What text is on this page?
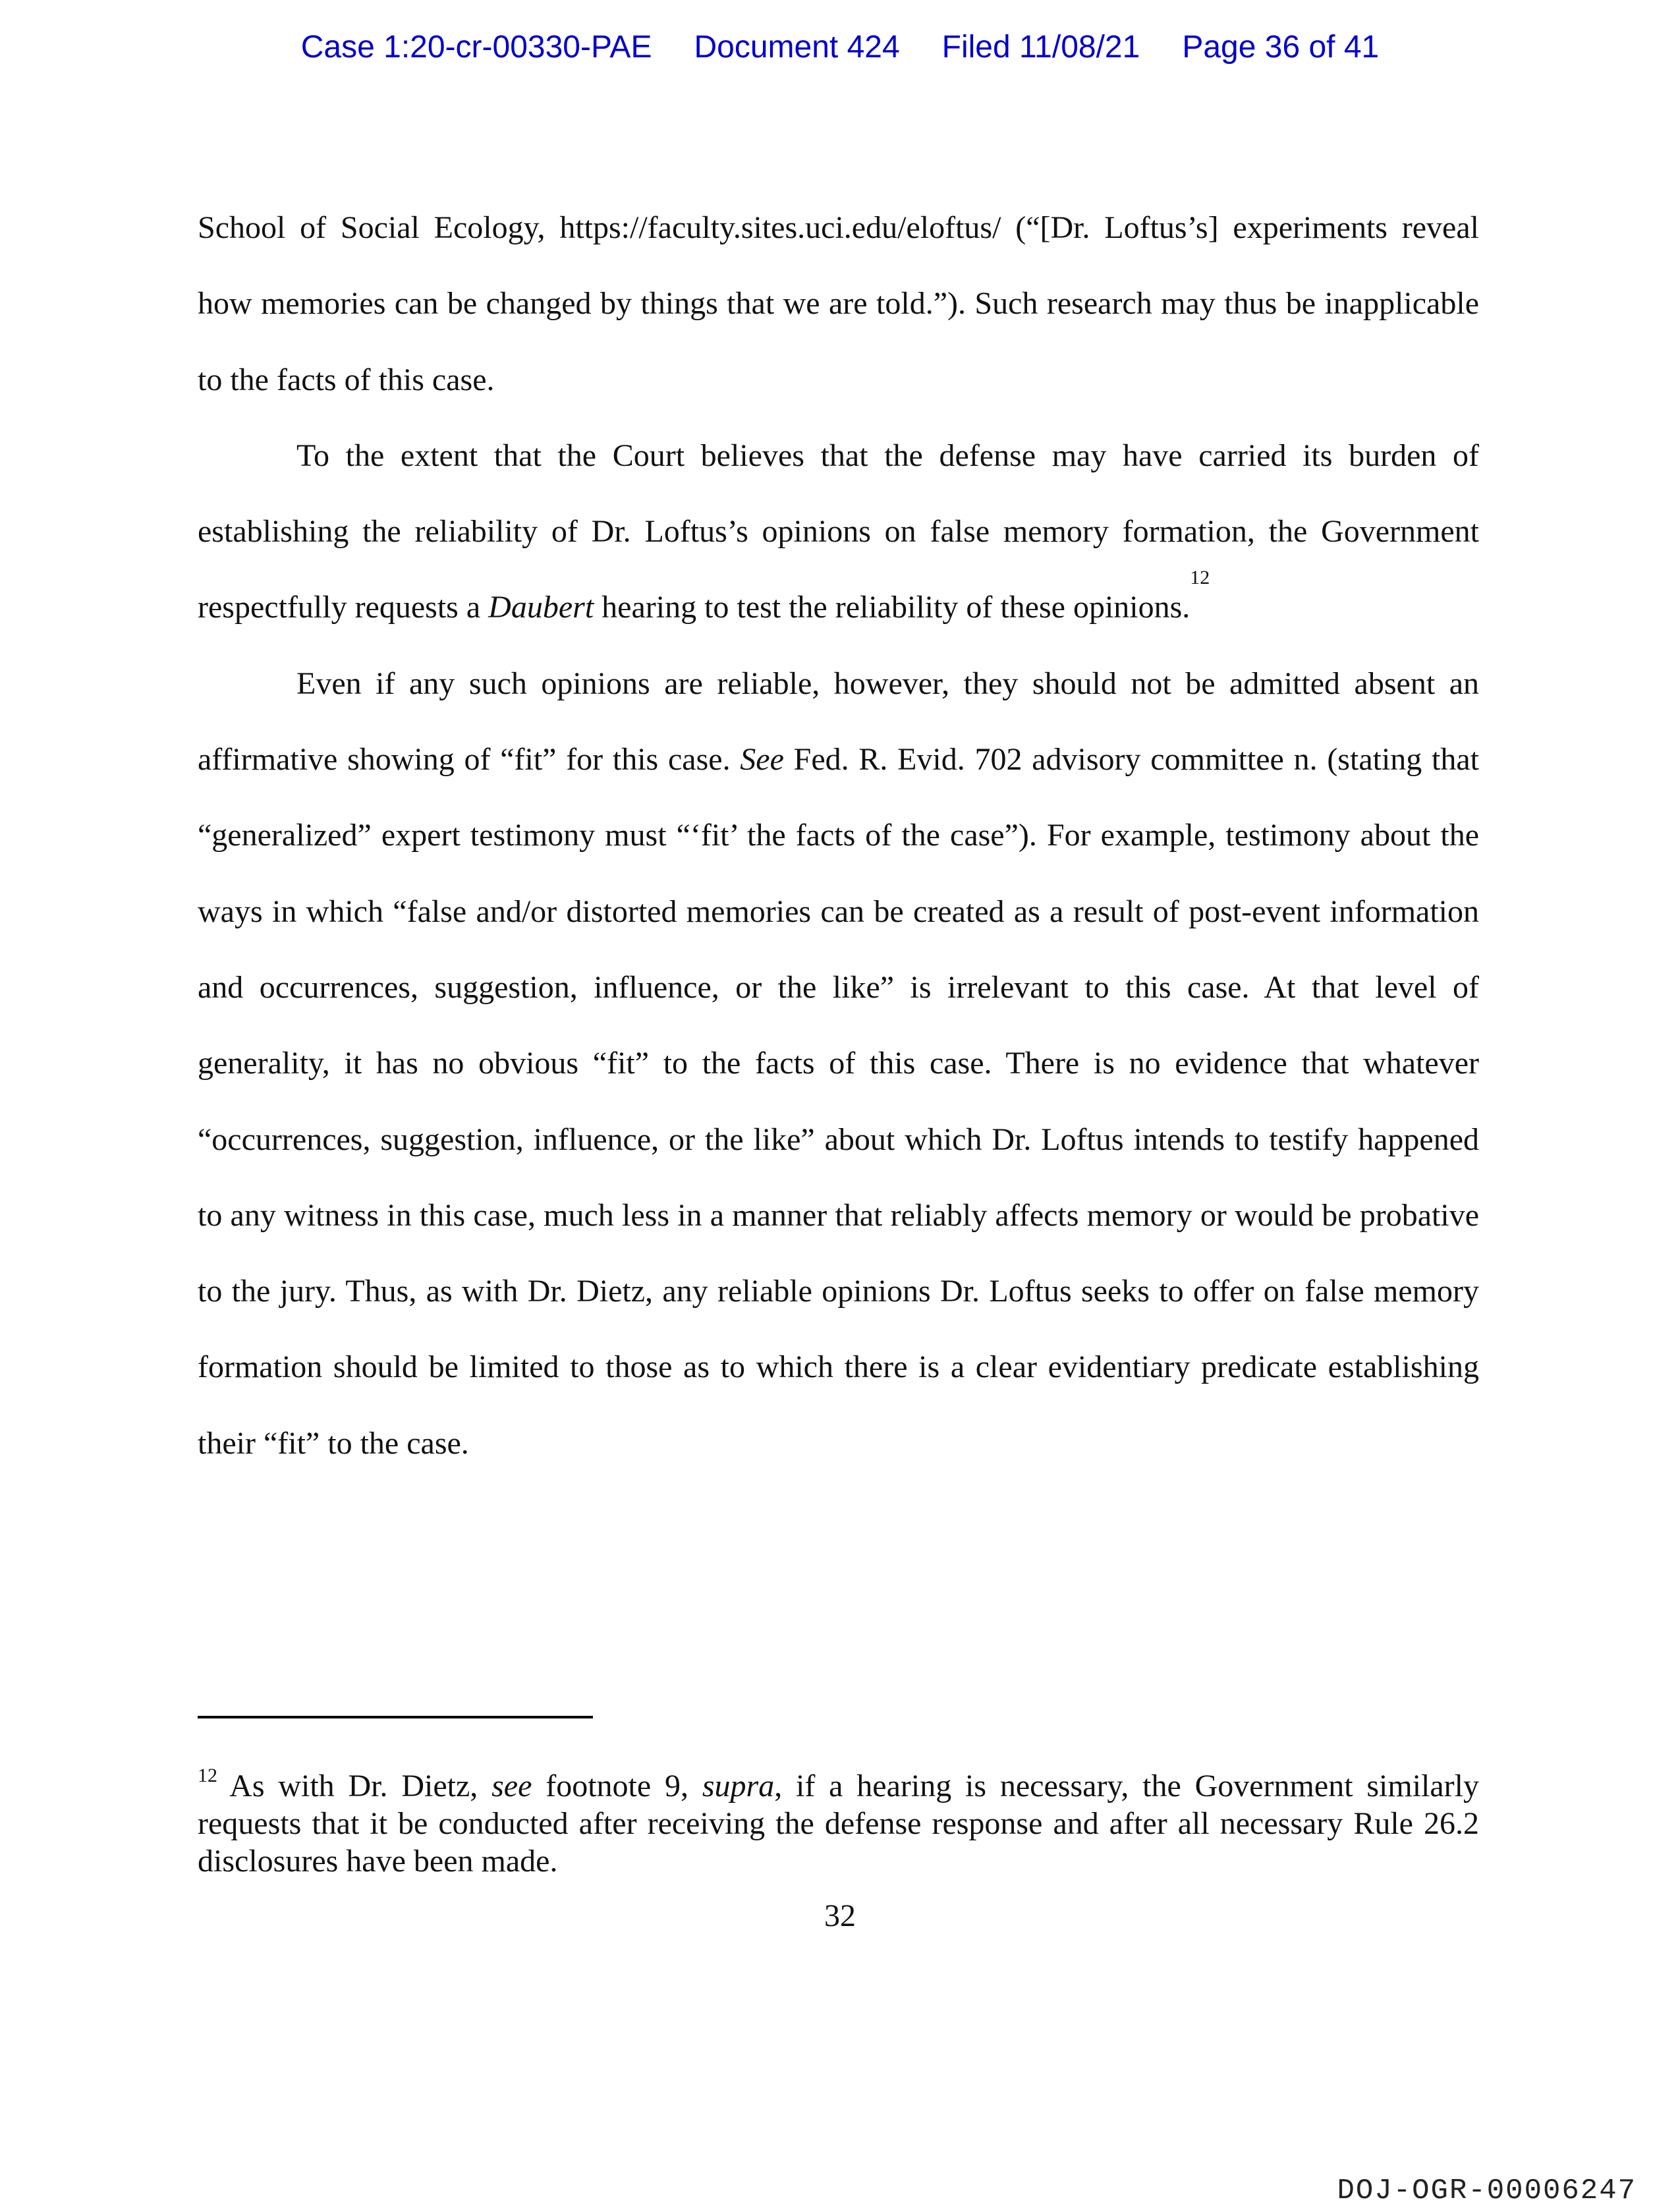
Case 1:20-cr-00330-PAE Document 424 Filed 11/08/21 Page 36 of 41

School of Social Ecology, https://faculty.sites.uci.edu/eloftus/ (“[Dr. Loftus’s] experiments reveal how memories can be changed by things that we are told.”). Such research may thus be inapplicable to the facts of this case.

To the extent that the Court believes that the defense may have carried its burden of establishing the reliability of Dr. Loftus’s opinions on false memory formation, the Government respectfully requests a Daubert hearing to test the reliability of these opinions.$^{12}$

Even if any such opinions are reliable, however, they should not be admitted absent an affirmative showing of “fit” for this case. See Fed. R. Evid. 702 advisory committee n. (stating that “generalized” expert testimony must “‘fit’ the facts of the case”). For example, testimony about the ways in which “false and/or distorted memories can be created as a result of post-event information and occurrences, suggestion, influence, or the like” is irrelevant to this case. At that level of generality, it has no obvious “fit” to the facts of this case. There is no evidence that whatever “occurrences, suggestion, influence, or the like” about which Dr. Loftus intends to testify happened to any witness in this case, much less in a manner that reliably affects memory or would be probative to the jury. Thus, as with Dr. Dietz, any reliable opinions Dr. Loftus seeks to offer on false memory formation should be limited to those as to which there is a clear evidentiary predicate establishing their “fit” to the case.

$^{12}$ As with Dr. Dietz, see footnote 9, supra, if a hearing is necessary, the Government similarly requests that it be conducted after receiving the defense response and after all necessary Rule 26.2 disclosures have been made.
32
DOJ-OGR-00006247
